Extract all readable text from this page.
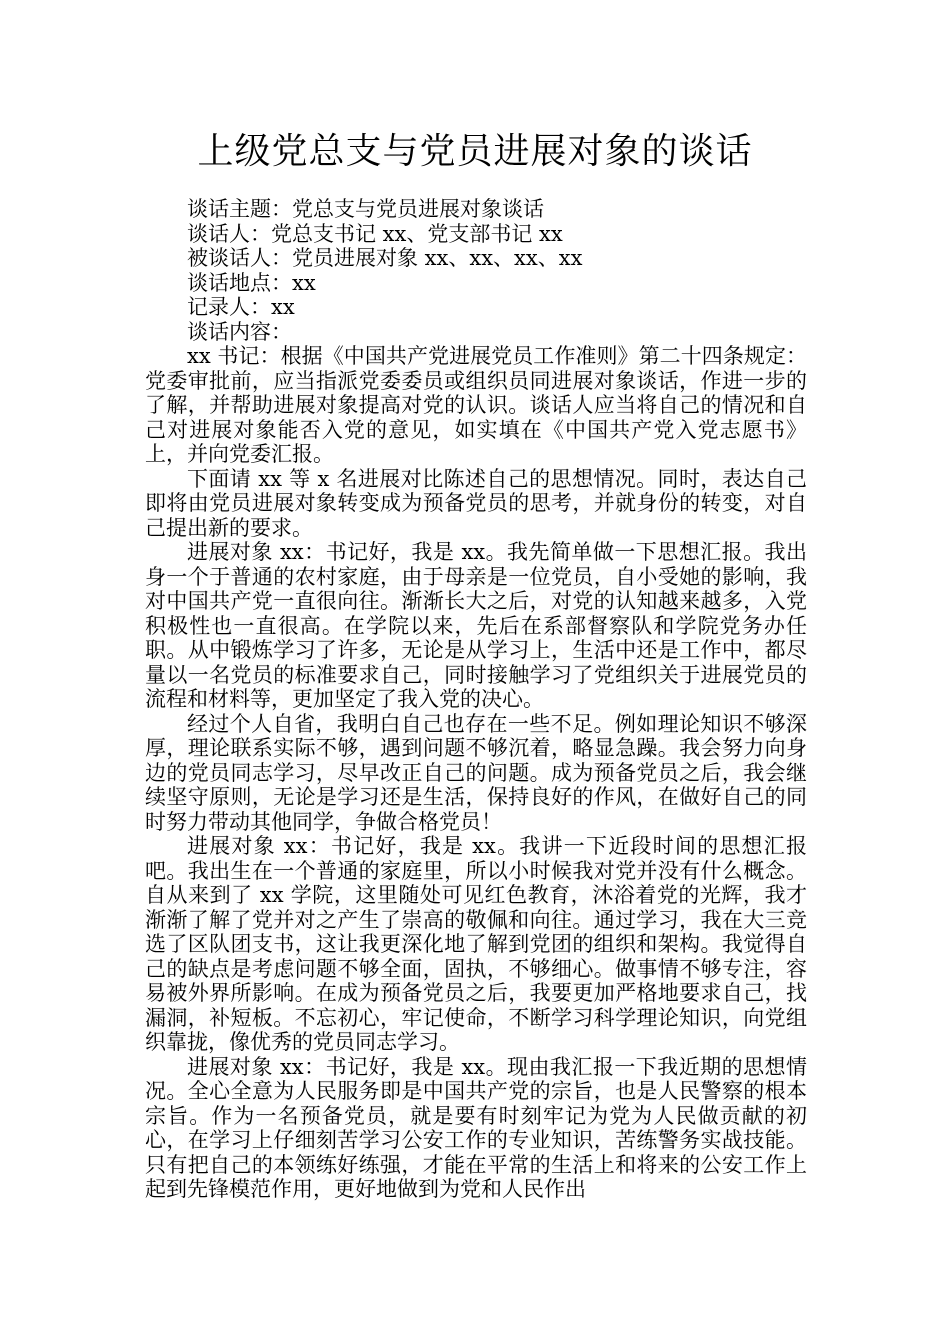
上级党总支与党员进展对象的谈话

谈话主题：党总支与党员进展对象谈话

谈话人：党总支书记 xx、党支部书记 xx

被谈话人：党员进展对象 xx、xx、xx、xx

谈话地点：xx

记录人：xx

谈话内容：

xx 书记：根据《中国共产党进展党员工作准则》第二十四条规定： 党委审批前，应当指派党委委员或组织员同进展对象谈话，作进一步的了解，并帮助进展对象提高对党的认识。谈话人应当将自己的情况和自己对进展对象能否入党的意见，如实填在《中国共产党入党志愿书》上，并向党委汇报。

下面请 xx 等 x 名进展对比陈述自己的思想情况。同时，表达自己即将由党员进展对象转变成为预备党员的思考，并就身份的转变，对自己提出新的要求。

进展对象 xx：书记好，我是 xx。我先简单做一下思想汇报。我出身一个于普通的农村家庭，由于母亲是一位党员，自小受她的影响，我对中国共产党一直很向往。渐渐长大之后，对党的认知越来越多，入党积极性也一直很高。在学院以来，先后在系部督察队和学院党务办任职。从中锻炼学习了许多，无论是从学习上，生活中还是工作中，都尽量以一名党员的标准要求自己，同时接触学习了党组织关于进展党员的流程和材料等，更加坚定了我入党的决心。

经过个人自省，我明白自己也存在一些不足。例如理论知识不够深厚，理论联系实际不够，遇到问题不够沉着，略显急躁。我会努力向身边的党员同志学习，尽早改正自己的问题。成为预备党员之后，我会继续坚守原则，无论是学习还是生活，保持良好的作风，在做好自己的同时努力带动其他同学，争做合格党员！

进展对象 xx：书记好，我是 xx。我讲一下近段时间的思想汇报吧。我出生在一个普通的家庭里，所以小时候我对党并没有什么概念。自从来到了 xx 学院，这里随处可见红色教育，沐浴着党的光辉，我才渐渐了解了党并对之产生了崇高的敬佩和向往。通过学习，我在大三竞选了区队团支书，这让我更深化地了解到党团的组织和架构。我觉得自己的缺点是考虑问题不够全面，固执，不够细心。做事情不够专注，容易被外界所影响。在成为预备党员之后，我要更加严格地要求自己，找漏洞，补短板。不忘初心，牢记使命，不断学习科学理论知识，向党组织靠拢，像优秀的党员同志学习。

进展对象 xx：书记好，我是 xx。现由我汇报一下我近期的思想情况。全心全意为人民服务即是中国共产党的宗旨，也是人民警察的根本宗旨。作为一名预备党员，就是要有时刻牢记为党为人民做贡献的初心，在学习上仔细刻苦学习公安工作的专业知识，苦练警务实战技能。只有把自己的本领练好练强，才能在平常的生活上和将来的公安工作上起到先锋模范作用，更好地做到为党和人民作出
